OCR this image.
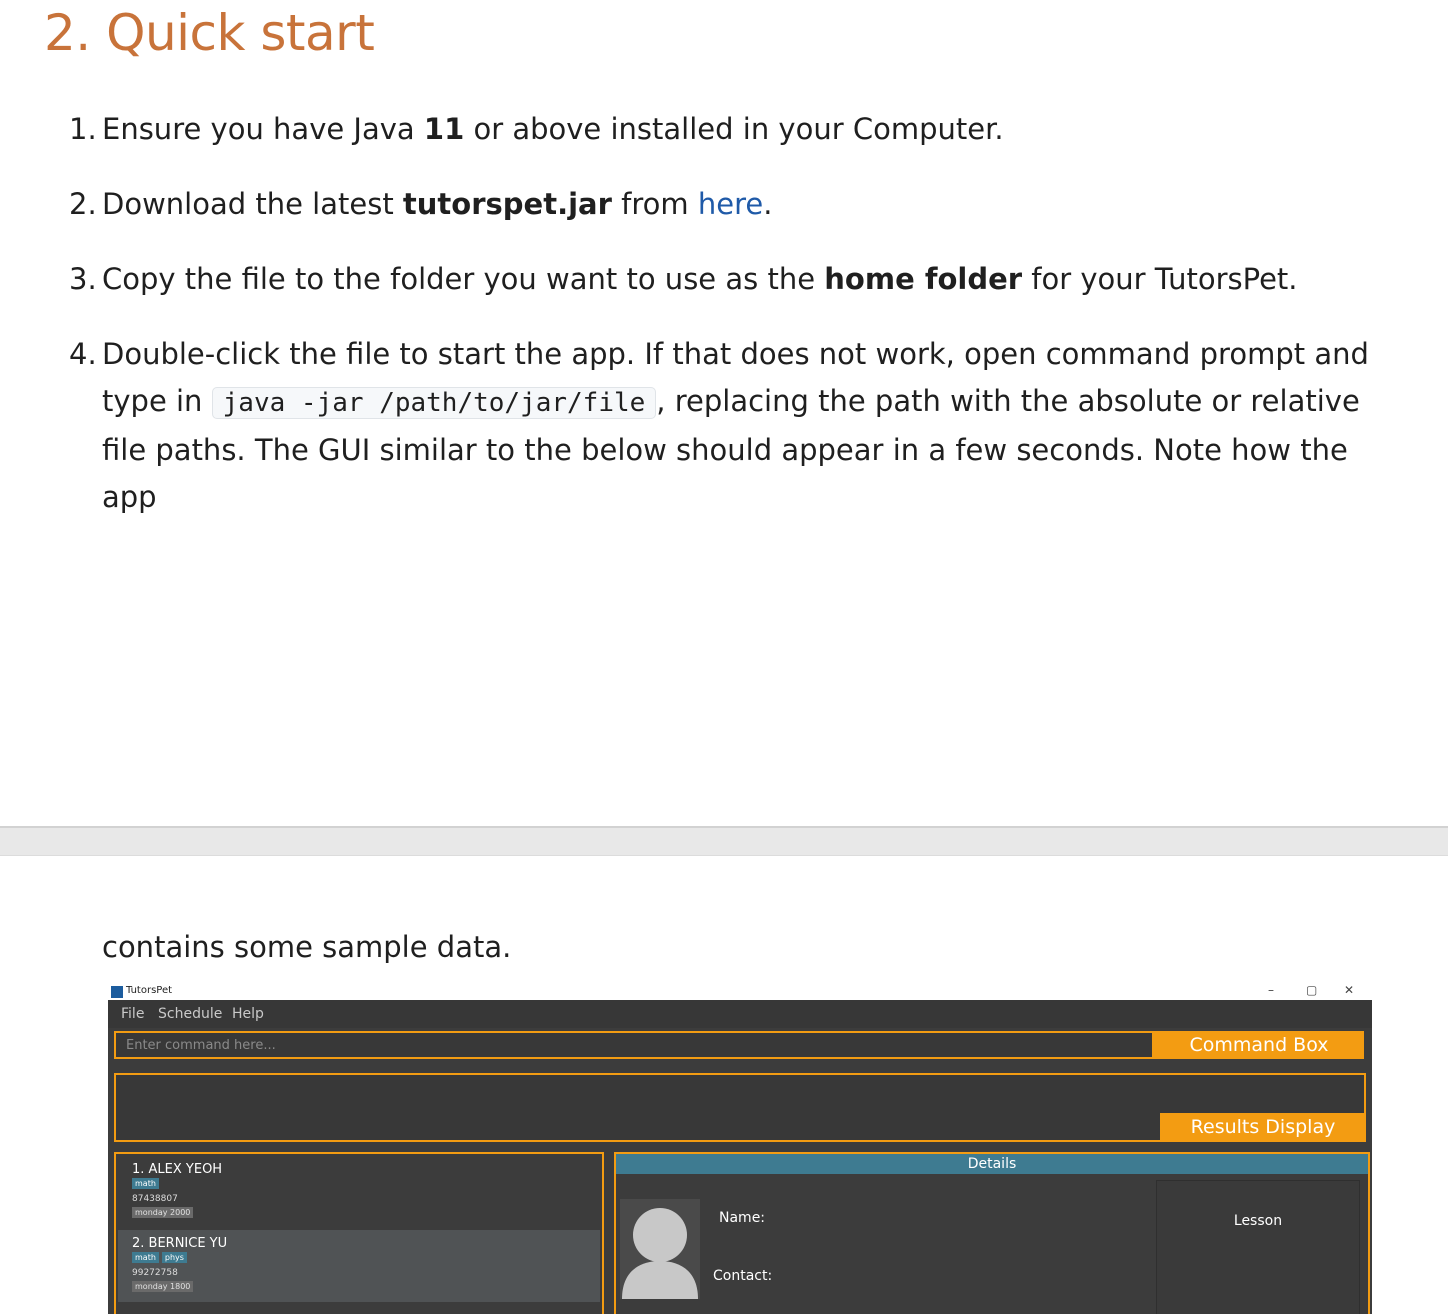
2. Quick start
1. Ensure you have Java 11 or above installed in your Computer.
2. Download the latest tutorspet.jar from here.
3. Copy the file to the folder you want to use as the home folder for your TutorsPet.
4. Double-click the file to start the app. If that does not work, open command prompt and type in java -jar /path/to/jar/file , replacing the path with the absolute or relative file paths. The GUI similar to the below should appear in a few seconds. Note how the app

contains some sample data.

TutorsPet	–	▢ ✕
File Schedule Help
Enter command here...
Command Box
Results Display
1. ALEX YEOH
math
87438807
monday 2000
2. BERNICE YU
math phys
99272758
monday 1800
Details
Name:
Contact:
Lesson
